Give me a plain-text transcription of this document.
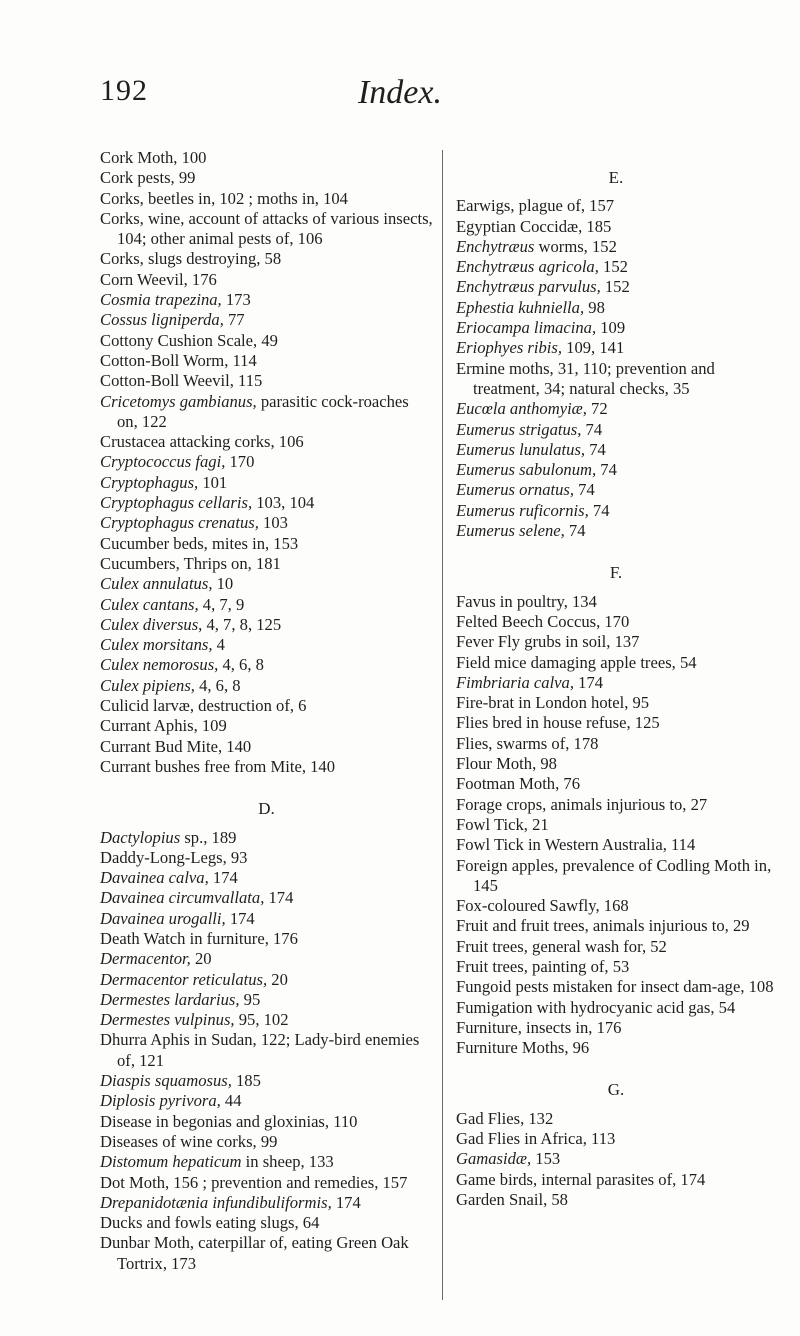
192	Index.

Cork Moth, 100

Cork pests, 99

Corks, beetles in, 102 ; moths in, 104

Corks, wine, account of attacks of various insects, 104; other animal pests of, 106

Corks, slugs destroying, 58

Corn Weevil, 176

Cosmia trapezina, 173

Cossus ligniperda, 77

Cottony Cushion Scale, 49

Cotton-Boll Worm, 114

Cotton-Boll Weevil, 115

Cricetomys gambianus, parasitic cock-roaches on, 122

Crustacea attacking corks, 106

Cryptococcus fagi, 170

Cryptophagus, 101

Cryptophagus cellaris, 103, 104

Cryptophagus crenatus, 103

Cucumber beds, mites in, 153

Cucumbers, Thrips on, 181

Culex annulatus, 10

Culex cantans, 4, 7, 9

Culex diversus, 4, 7, 8, 125

Culex morsitans, 4

Culex nemorosus, 4, 6, 8

Culex pipiens, 4, 6, 8

Culicid larvæ, destruction of, 6

Currant Aphis, 109

Currant Bud Mite, 140

Currant bushes free from Mite, 140

D.

Dactylopius sp., 189

Daddy-Long-Legs, 93

Davainea calva, 174

Davainea circumvallata, 174

Davainea urogalli, 174

Death Watch in furniture, 176

Dermacentor, 20

Dermacentor reticulatus, 20

Dermestes lardarius, 95

Dermestes vulpinus, 95, 102

Dhurra Aphis in Sudan, 122; Lady-bird enemies of, 121

Diaspis squamosus, 185

Diplosis pyrivora, 44

Disease in begonias and gloxinias, 110

Diseases of wine corks, 99

Distomum hepaticum in sheep, 133

Dot Moth, 156 ; prevention and remedies, 157

Drepanidotænia infundibuliformis, 174

Ducks and fowls eating slugs, 64

Dunbar Moth, caterpillar of, eating Green Oak Tortrix, 173

E.

Earwigs, plague of, 157

Egyptian Coccidæ, 185

Enchytræus worms, 152

Enchytræus agricola, 152

Enchytræus parvulus, 152

Ephestia kuhniella, 98

Eriocampa limacina, 109

Eriophyes ribis, 109, 141

Ermine moths, 31, 110; prevention and treatment, 34; natural checks, 35

Eucœla anthomyiæ, 72

Eumerus strigatus, 74

Eumerus lunulatus, 74

Eumerus sabulonum, 74

Eumerus ornatus, 74

Eumerus ruficornis, 74

Eumerus selene, 74

F.

Favus in poultry, 134

Felted Beech Coccus, 170

Fever Fly grubs in soil, 137

Field mice damaging apple trees, 54

Fimbriaria calva, 174

Fire-brat in London hotel, 95

Flies bred in house refuse, 125

Flies, swarms of, 178

Flour Moth, 98

Footman Moth, 76

Forage crops, animals injurious to, 27

Fowl Tick, 21

Fowl Tick in Western Australia, 114

Foreign apples, prevalence of Codling Moth in, 145

Fox-coloured Sawfly, 168

Fruit and fruit trees, animals injurious to, 29

Fruit trees, general wash for, 52

Fruit trees, painting of, 53

Fungoid pests mistaken for insect dam-age, 108

Fumigation with hydrocyanic acid gas, 54

Furniture, insects in, 176

Furniture Moths, 96

G.

Gad Flies, 132

Gad Flies in Africa, 113

Gamasidæ, 153

Game birds, internal parasites of, 174

Garden Snail, 58
